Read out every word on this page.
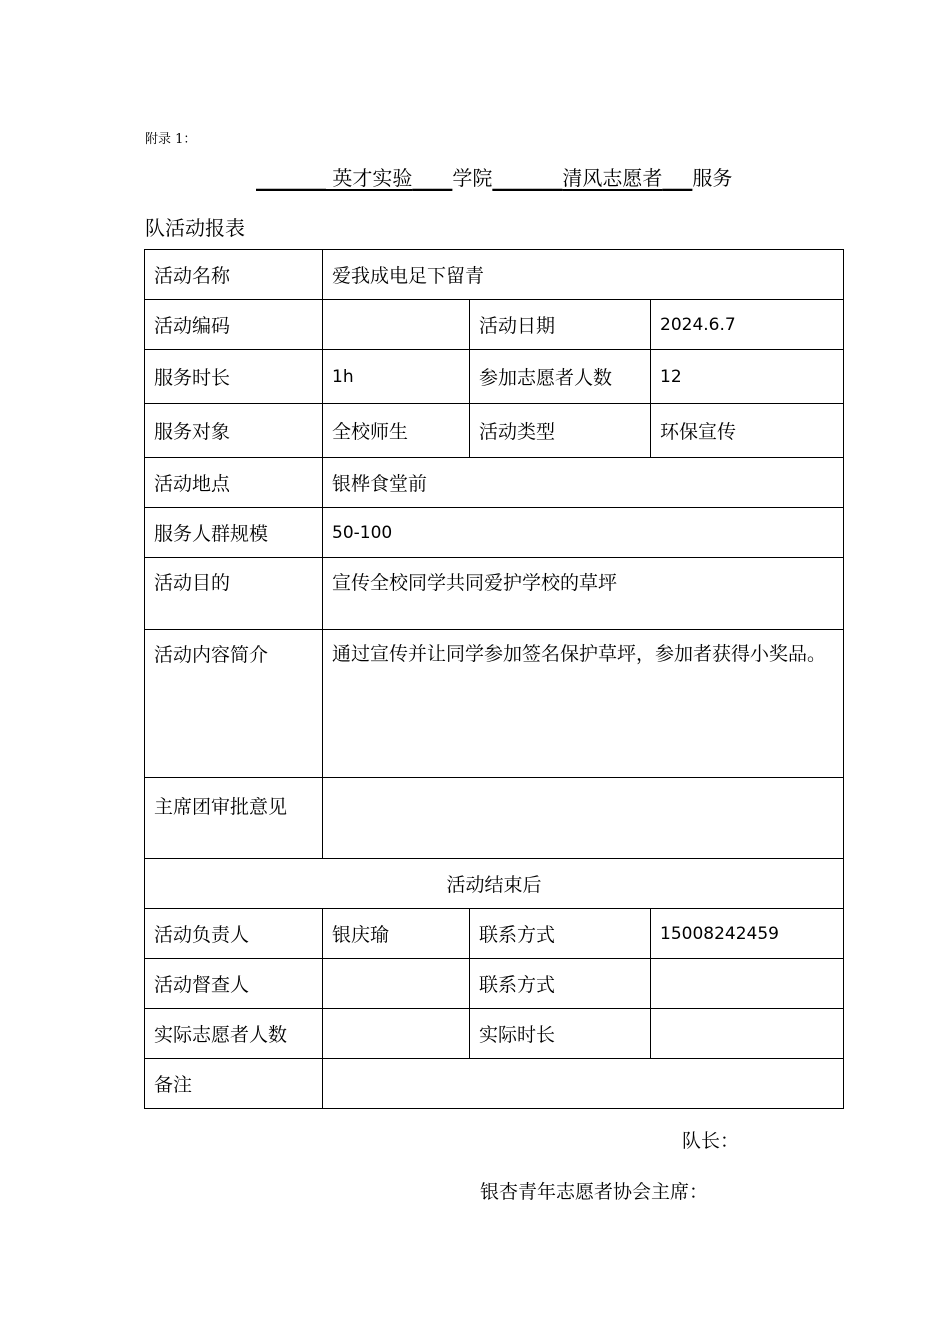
附录 1：
_______ 英才实验____学院_______清风志愿者___服务
队活动报表
活动名称	爱我成电足下留青		
活动编码		活动日期	2024.6.7
服务时长	1h	参加志愿者人数	12
服务对象	全校师生	活动类型	环保宣传
活动地点	银桦食堂前		
服务人群规模	50-100		
活动目的	宣传全校同学共同爱护学校的草坪		
活动内容简介	通过宣传并让同学参加签名保护草坪，参加者获得小奖品。		
主席团审批意见			
活动结束后			
活动负责人	银庆瑜	联系方式	15008242459
活动督查人		联系方式	
实际志愿者人数		实际时长	
备注			
队长：
银杏青年志愿者协会主席：
